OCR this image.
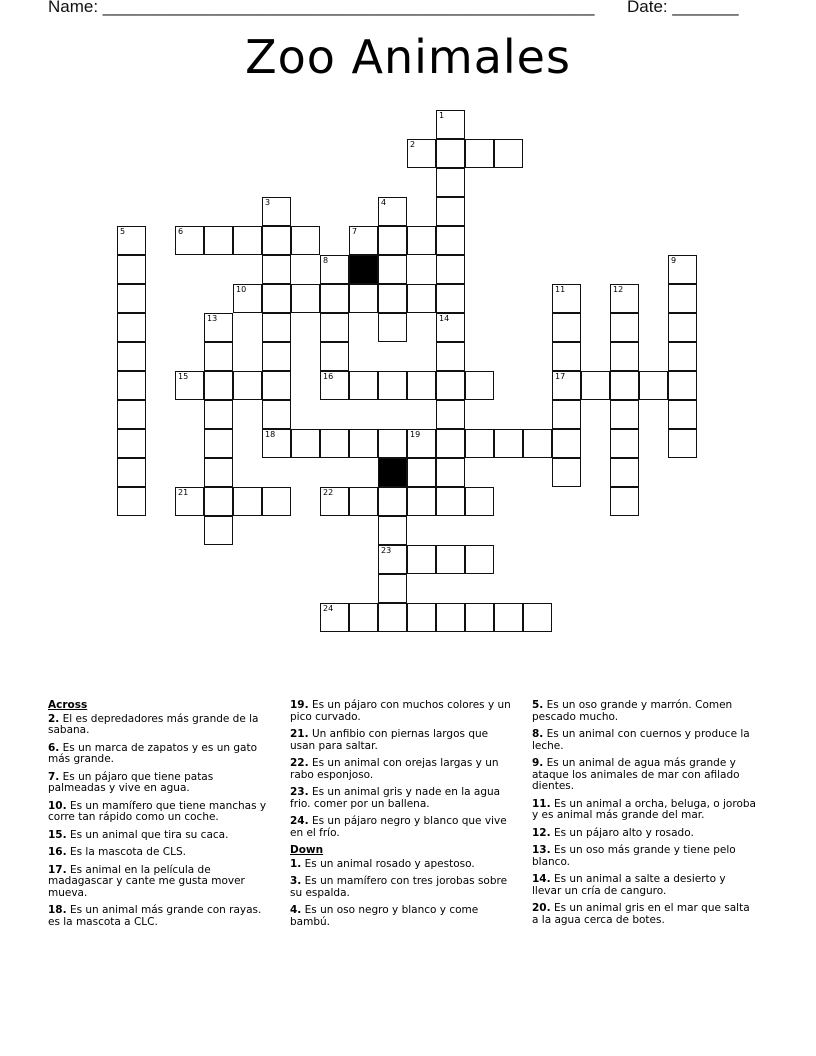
Name: ____________________________________________________ Date: _______
Zoo Animales
2
6	7
10
15	16	17
18	19
20
21	22
23
24
1
3	4
5
8	9
11	12
13	14
Across
2. El es depredadores más grande de la sabana.
6. Es un marca de zapatos y es un gato más grande.
7. Es un pájaro que tiene patas palmeadas y vive en agua.
10. Es un mamífero que tiene manchas y corre tan rápido como un coche.
15. Es un animal que tira su caca.
16. Es la mascota de CLS.
17. Es animal en la película de madagascar y cante me gusta mover mueva.
18. Es un animal más grande con rayas. es la mascota a CLC.
19. Es un pájaro con muchos colores y un pico curvado.
21. Un anfibio con piernas largos que usan para saltar.
22. Es un animal con orejas largas y un rabo esponjoso.
23. Es un animal gris y nade en la agua frio. comer por un ballena.
24. Es un pájaro negro y blanco que vive en el frío.
Down
1. Es un animal rosado y apestoso.
3. Es un mamífero con tres jorobas sobre su espalda.
4. Es un oso negro y blanco y come bambú.
5. Es un oso grande y marrón. Comen pescado mucho.
8. Es un animal con cuernos y produce la leche.
9. Es un animal de agua más grande y ataque los animales de mar con afilado dientes.
11. Es un animal a orcha, beluga, o joroba y es animal más grande del mar.
12. Es un pájaro alto y rosado.
13. Es un oso más grande y tiene pelo blanco.
14. Es un animal a salte a desierto y llevar un cría de canguro.
20. Es un animal gris en el mar que salta a la agua cerca de botes.
